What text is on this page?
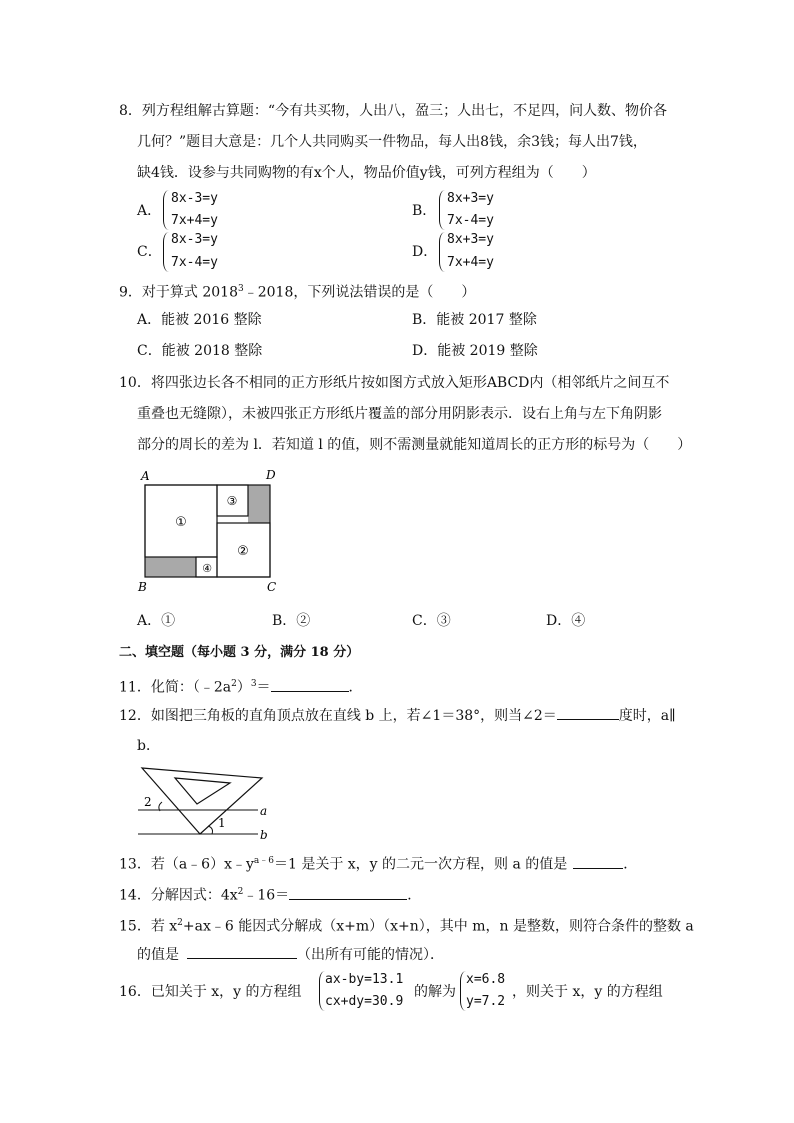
8．列方程组解古算题：“今有共买物，人出八，盈三；人出七，不足四，问人数、物价各
几何？”题目大意是：几个人共同购买一件物品，每人出8钱，余3钱；每人出7钱，
缺4钱．设参与共同购物的有x个人，物品价值y钱，可列方程组为（　　）
A．
8x-3=y
7x+4=y
B．
8x+3=y
7x-4=y
C．
8x-3=y
7x-4=y
D．
8x+3=y
7x+4=y
9．对于算式 2018$^3$﹣2018，下列说法错误的是（　　）
A．能被 2016 整除	B．能被 2017 整除
C．能被 2018 整除	D．能被 2019 整除
10．将四张边长各不相同的正方形纸片按如图方式放入矩形ABCD内（相邻纸片之间互不
重叠也无缝隙），未被四张正方形纸片覆盖的部分用阴影表示．设右上角与左下角阴影
部分的周长的差为 l．若知道 l 的值，则不需测量就能知道周长的正方形的标号为（　　）
①
③
②
④
A	D
B	C
A．①	B．②	C．③	D．④
二、填空题（每小题 3 分，满分 18 分）
11．化简：$(﹣2a^2)^3=$	．
12．如图把三角板的直角顶点放在直线 b 上，若∠1＝38°，则当∠2＝	度时，a∥
b．
2
1
a
b
13．若$(a﹣6)x﹣y^{a﹣6}=1$ 是关于 x，y 的二元一次方程，则 a 的值是	．
14．分解因式：$4x^2﹣16=$	．
15．若 $x^2+ax﹣6$ 能因式分解成（x+m）（x+n），其中 m，n 是整数，则符合条件的整数 a
的值是	（出所有可能的情况）．
16．已知关于 x，y 的方程组
ax-by=13.1
cx+dy=30.9
的解为
x=6.8
y=7.2
，则关于 x，y 的方程组
